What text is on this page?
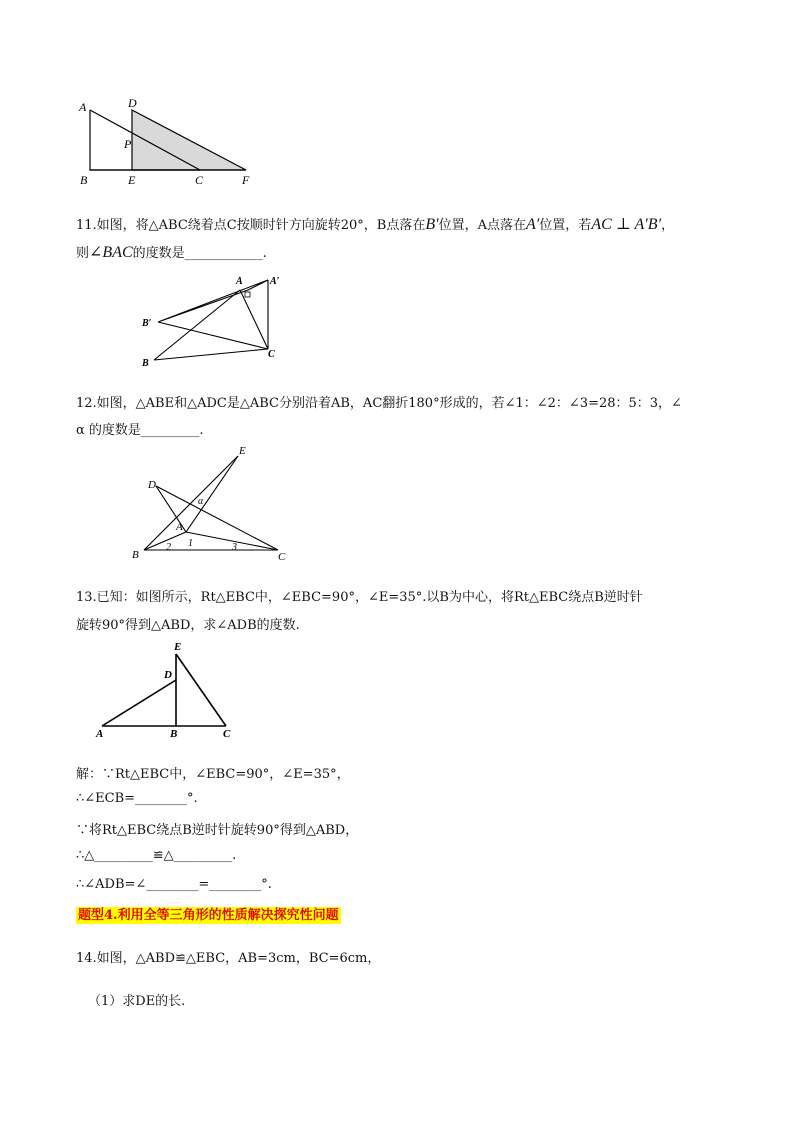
A	D
P
B	E	C	F
11.如图，将△ABC绕着点C按顺时针方向旋转20°，B点落在B′位置，A点落在A′位置，若AC ⊥ A′B′，
则∠BAC的度数是____________.
A	A′
B′
B
C
12.如图，△ABE和△ADC是△ABC分别沿着AB，AC翻折180°形成的，若∠1：∠2：∠3=28：5：3，∠
α 的度数是_________.
E
D
α
A
1
B
2	3
C
13.已知：如图所示，Rt△EBC中，∠EBC=90°，∠E=35°.以B为中心，将Rt△EBC绕点B逆时针
旋转90°得到△ABD，求∠ADB的度数.
E
D
A	B	C
解：∵Rt△EBC中，∠EBC=90°，∠E=35°，
∴∠ECB=________°.
∵将Rt△EBC绕点B逆时针旋转90°得到△ABD，
∴△_________≌△_________.
∴∠ADB=∠________=________°.
题型4.利用全等三角形的性质解决探究性问题
14.如图，△ABD≌△EBC，AB=3cm，BC=6cm，
（1）求DE的长.
